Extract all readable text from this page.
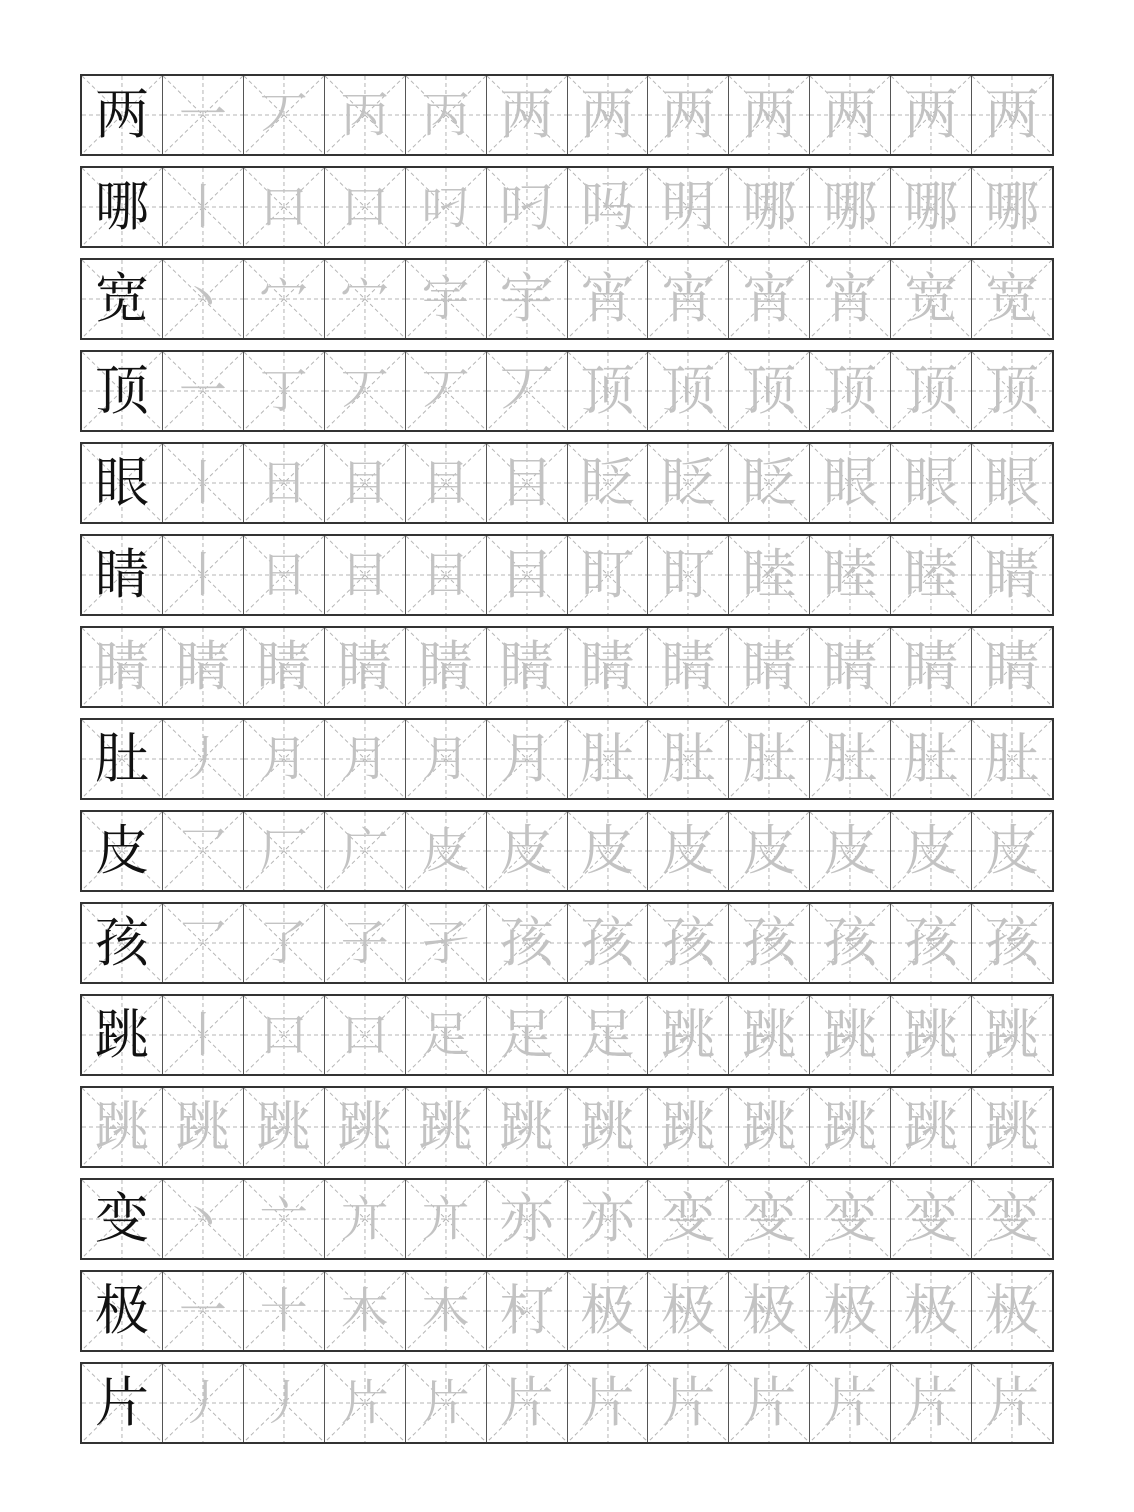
两 一 丆 丙 丙 两 两 两 两 两 两 两
哪 丨 口 口 叼 叼 吗 明 哪 哪 哪 哪
宽 丶 宀 宀 宇 宇 宵 宵 宵 宵 宽 宽
顶 一 丁 丆 丆 丆 顶 顶 顶 顶 顶 顶
眼 丨 日 目 目 目 眨 眨 眨 眼 眼 眼
睛 丨 日 目 目 目 盯 盯 睦 睦 睦 睛
睛 睛 睛 睛 睛 睛 睛 睛 睛 睛 睛 睛
肚 丿 月 月 月 月 肚 肚 肚 肚 肚 肚
皮 乛 厂 广 皮 皮 皮 皮 皮 皮 皮 皮
孩 乛 了 子 孑 孩 孩 孩 孩 孩 孩 孩
跳 丨 口 口 足 足 足 跳 跳 跳 跳 跳
跳 跳 跳 跳 跳 跳 跳 跳 跳 跳 跳 跳
变 丶 亠 亣 亣 亦 亦 变 变 变 变 变
极 一 十 木 木 朾 极 极 极 极 极 极
片 丿 丿 片 片 片 片 片 片 片 片 片
